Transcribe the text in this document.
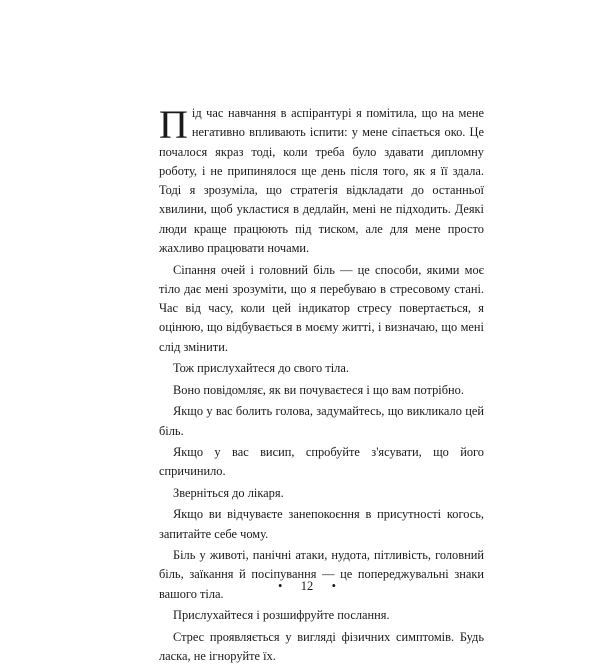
Під час навчання в аспірантурі я помітила, що на мене негативно впливають іспити: у мене сіпається око. Це почалося якраз тоді, коли треба було здавати дипломну роботу, і не припинялося ще день після того, як я її здала. Тоді я зрозуміла, що стратегія відкладати до останньої хвилини, щоб укластися в дедлайн, мені не підходить. Деякі люди краще працюють під тиском, але для мене просто жахливо працювати ночами.

Сіпання очей і головний біль — це способи, якими моє тіло дає мені зрозуміти, що я перебуваю в стресовому стані. Час від часу, коли цей індикатор стресу повертається, я оцінюю, що відбувається в моєму житті, і визначаю, що мені слід змінити.

Тож прислухайтеся до свого тіла.

Воно повідомляє, як ви почуваєтеся і що вам потрібно.

Якщо у вас болить голова, задумайтесь, що викликало цей біль.

Якщо у вас висип, спробуйте з'ясувати, що його спричинило.

Зверніться до лікаря.

Якщо ви відчуваєте занепокоєння в присутності когось, запитайте себе чому.

Біль у животі, панічні атаки, нудота, пітливість, головний біль, заїкання й посіпування — це попереджувальні знаки вашого тіла.

Прислухайтеся і розшифруйте послання.

Стрес проявляється у вигляді фізичних симптомів. Будь ласка, не ігноруйте їх.

• 12 •
